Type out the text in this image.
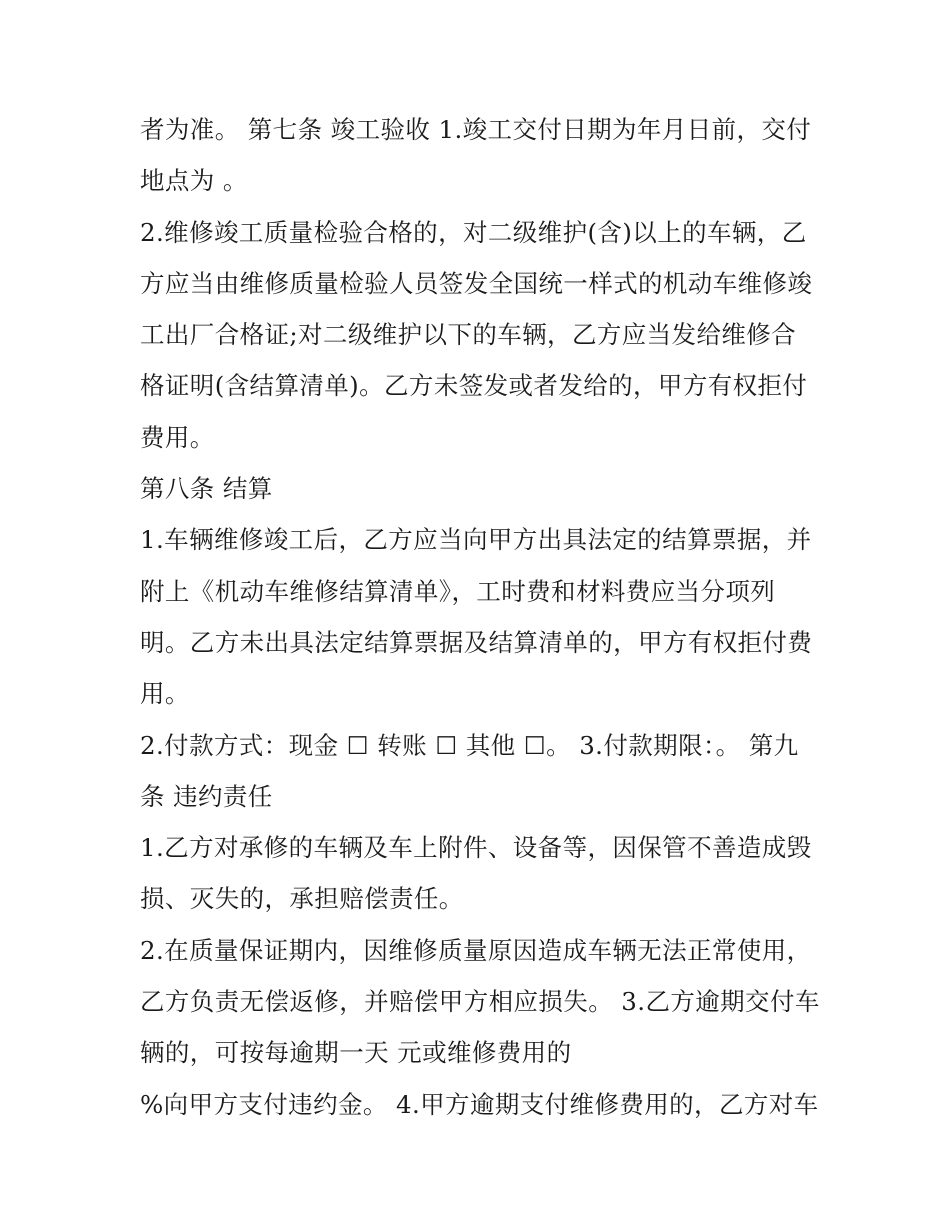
者为准。 第七条 竣工验收 1.竣工交付日期为年月日前，交付
地点为 。
2.维修竣工质量检验合格的，对二级维护(含)以上的车辆，乙
方应当由维修质量检验人员签发全国统一样式的机动车维修竣
工出厂合格证;对二级维护以下的车辆，乙方应当发给维修合
格证明(含结算清单)。乙方未签发或者发给的，甲方有权拒付
费用。
第八条 结算
1.车辆维修竣工后，乙方应当向甲方出具法定的结算票据，并
附上《机动车维修结算清单》，工时费和材料费应当分项列
明。乙方未出具法定结算票据及结算清单的，甲方有权拒付费
用。
2.付款方式：现金 ☐ 转账 ☐ 其他 ☐。 3.付款期限：。 第九
条 违约责任
1.乙方对承修的车辆及车上附件、设备等，因保管不善造成毁
损、灭失的，承担赔偿责任。
2.在质量保证期内，因维修质量原因造成车辆无法正常使用，
乙方负责无偿返修，并赔偿甲方相应损失。 3.乙方逾期交付车
辆的，可按每逾期一天 元或维修费用的
%向甲方支付违约金。 4.甲方逾期支付维修费用的，乙方对车
